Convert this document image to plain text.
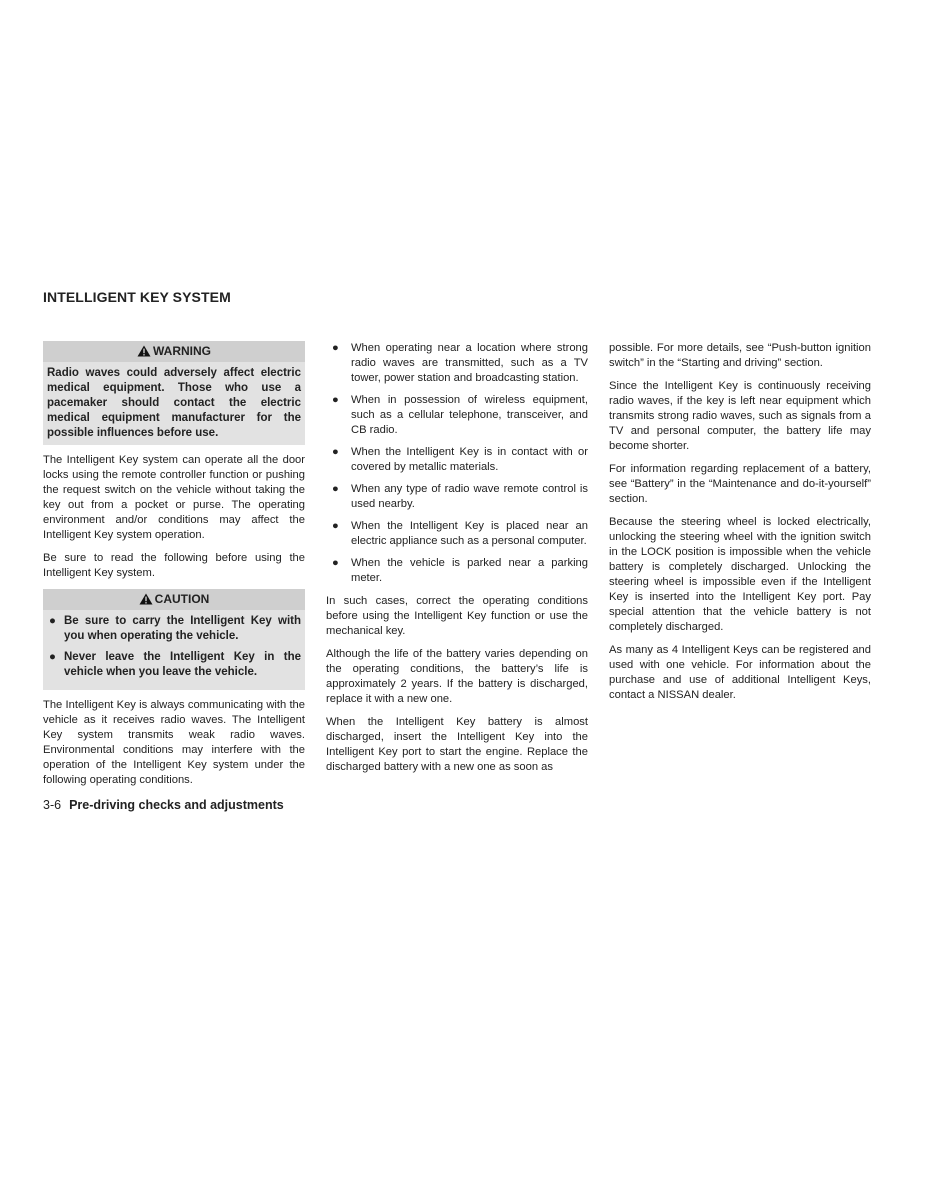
INTELLIGENT KEY SYSTEM
WARNING
Radio waves could adversely affect electric medical equipment. Those who use a pacemaker should contact the electric medical equipment manufacturer for the possible influences before use.

The Intelligent Key system can operate all the door locks using the remote controller function or pushing the request switch on the vehicle without taking the key out from a pocket or purse. The operating environment and/or conditions may affect the Intelligent Key system operation.

Be sure to read the following before using the Intelligent Key system.

CAUTION
● Be sure to carry the Intelligent Key with you when operating the vehicle.
● Never leave the Intelligent Key in the vehicle when you leave the vehicle.

The Intelligent Key is always communicating with the vehicle as it receives radio waves. The Intelligent Key system transmits weak radio waves. Environmental conditions may interfere with the operation of the Intelligent Key system under the following operating conditions.

● When operating near a location where strong radio waves are transmitted, such as a TV tower, power station and broadcasting station.
● When in possession of wireless equipment, such as a cellular telephone, transceiver, and CB radio.
● When the Intelligent Key is in contact with or covered by metallic materials.
● When any type of radio wave remote control is used nearby.
● When the Intelligent Key is placed near an electric appliance such as a personal computer.
● When the vehicle is parked near a parking meter.

In such cases, correct the operating conditions before using the Intelligent Key function or use the mechanical key.

Although the life of the battery varies depending on the operating conditions, the battery’s life is approximately 2 years. If the battery is discharged, replace it with a new one.

When the Intelligent Key battery is almost discharged, insert the Intelligent Key into the Intelligent Key port to start the engine. Replace the discharged battery with a new one as soon as

possible. For more details, see “Push-button ignition switch” in the “Starting and driving” section.

Since the Intelligent Key is continuously receiving radio waves, if the key is left near equipment which transmits strong radio waves, such as signals from a TV and personal computer, the battery life may become shorter.

For information regarding replacement of a battery, see “Battery” in the “Maintenance and do-it-yourself” section.

Because the steering wheel is locked electrically, unlocking the steering wheel with the ignition switch in the LOCK position is impossible when the vehicle battery is completely discharged. Unlocking the steering wheel is impossible even if the Intelligent Key is inserted into the Intelligent Key port. Pay special attention that the vehicle battery is not completely discharged.

As many as 4 Intelligent Keys can be registered and used with one vehicle. For information about the purchase and use of additional Intelligent Keys, contact a NISSAN dealer.

3-6 Pre-driving checks and adjustments
